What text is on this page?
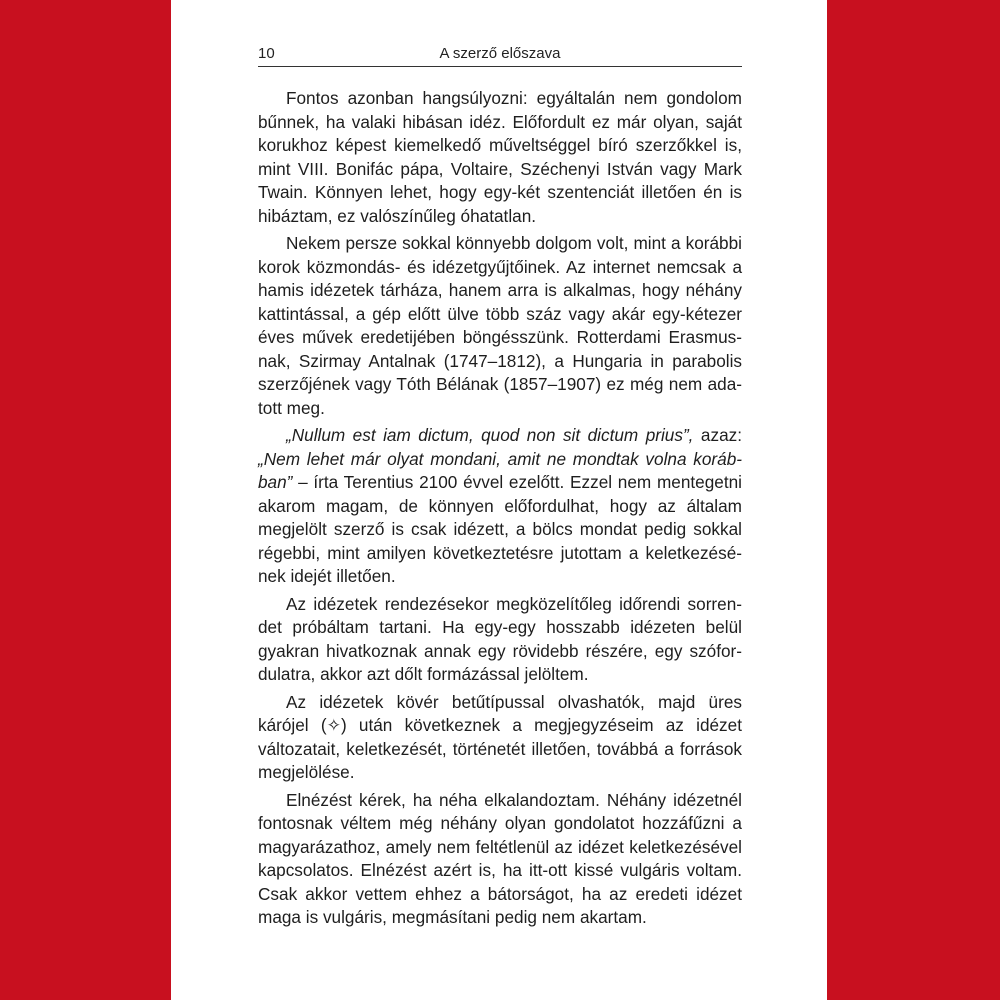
10	A szerző előszava

Fontos azonban hangsúlyozni: egyáltalán nem gondolom bűnnek, ha valaki hibásan idéz. Előfordult ez már olyan, saját korukhoz képest kiemelkedő műveltséggel bíró szerzőkkel is, mint VIII. Bonifác pápa, Voltaire, Széchenyi István vagy Mark Twain. Könnyen lehet, hogy egy-két szentenciát illetően én is hibáztam, ez valószínűleg óhatatlan.

Nekem persze sokkal könnyebb dolgom volt, mint a korábbi korok közmondás- és idézetgyűjtőinek. Az internet nemcsak a hamis idézetek tárháza, hanem arra is alkalmas, hogy néhány kattintással, a gép előtt ülve több száz vagy akár egy-kétezer éves művek eredetijében böngésszünk. Rotterdami Erasmusnak, Szirmay Antalnak (1747–1812), a Hungaria in parabolis szerzőjének vagy Tóth Bélának (1857–1907) ez még nem adatott meg.

„Nullum est iam dictum, quod non sit dictum prius”, azaz: „Nem lehet már olyat mondani, amit ne mondtak volna korábban” – írta Terentius 2100 évvel ezelőtt. Ezzel nem mentegetni akarom magam, de könnyen előfordulhat, hogy az általam megjelölt szerző is csak idézett, a bölcs mondat pedig sokkal régebbi, mint amilyen következtetésre jutottam a keletkezésének idejét illetően.

Az idézetek rendezésekor megközelítőleg időrendi sorrendet próbáltam tartani. Ha egy-egy hosszabb idézeten belül gyakran hivatkoznak annak egy rövidebb részére, egy szófordulatra, akkor azt dőlt formázással jelöltem.

Az idézetek kövér betűtípussal olvashatók, majd üres kárójel (✧) után következnek a megjegyzéseim az idézet változatait, keletkezését, történetét illetően, továbbá a források megjelölése.

Elnézést kérek, ha néha elkalandoztam. Néhány idézetnél fontosnak véltem még néhány olyan gondolatot hozzáfűzni a magyarázathoz, amely nem feltétlenül az idézet keletkezésével kapcsolatos. Elnézést azért is, ha itt-ott kissé vulgáris voltam. Csak akkor vettem ehhez a bátorságot, ha az eredeti idézet maga is vulgáris, megmásítani pedig nem akartam.
